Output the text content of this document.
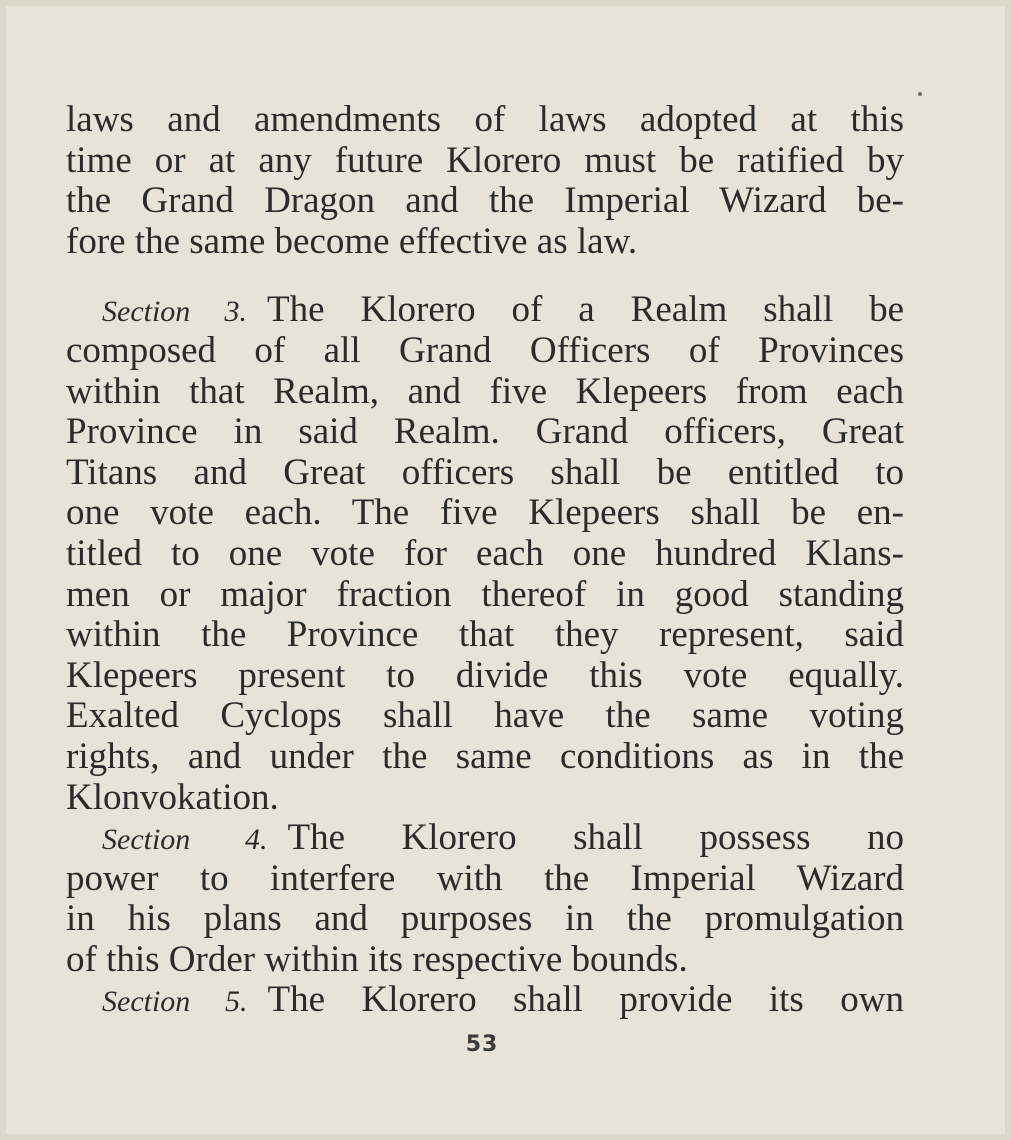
laws and amendments of laws adopted at this
time or at any future Klorero must be ratified by
the Grand Dragon and the Imperial Wizard be-
fore the same become effective as law.
Section 3. The Klorero of a Realm shall be
composed of all Grand Officers of Provinces
within that Realm, and five Klepeers from each
Province in said Realm. Grand officers, Great
Titans and Great officers shall be entitled to
one vote each. The five Klepeers shall be en-
titled to one vote for each one hundred Klans-
men or major fraction thereof in good standing
within the Province that they represent, said
Klepeers present to divide this vote equally.
Exalted Cyclops shall have the same voting
rights, and under the same conditions as in the
Klonvokation.
Section 4. The Klorero shall possess no
power to interfere with the Imperial Wizard
in his plans and purposes in the promulgation
of this Order within its respective bounds.
Section 5. The Klorero shall provide its own
53
